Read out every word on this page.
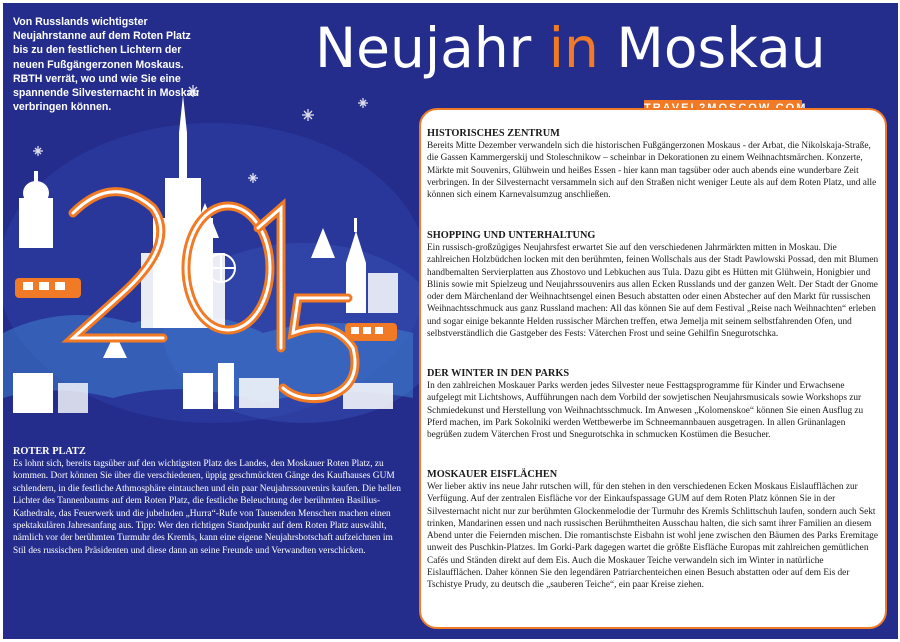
Neujahr in Moskau
Von Russlands wichtigster Neujahrstanne auf dem Roten Platz bis zu den festlichen Lichtern der neuen Fußgängerzonen Moskaus. RBTH verrät, wo und wie Sie eine spannende Silvesternacht in Moskau verbringen können.
ROTER PLATZ

Es lohnt sich, bereits tagsüber auf den wichtigsten Platz des Landes, den Moskauer Roten Platz, zu kommen. Dort können Sie über die verschiedenen, üppig geschmückten Gänge des Kaufhauses GUM schlendern, in die festliche Athmosphäre eintauchen und ein paar Neujahrssouvenirs kaufen. Die hellen Lichter des Tannenbaums auf dem Roten Platz, die festliche Beleuchtung der berühmten Basilius-Kathedrale, das Feuerwerk und die jubelnden „Hurra“-Rufe von Tausenden Menschen machen einen spektakulären Jahresanfang aus. Tipp: Wer den richtigen Standpunkt auf dem Roten Platz auswählt, nämlich vor der berühmten Turmuhr des Kremls, kann eine eigene Neujahrsbotschaft aufzeichnen im Stil des russischen Präsidenten und diese dann an seine Freunde und Verwandten verschicken.

HISTORISCHES ZENTRUM

Bereits Mitte Dezember verwandeln sich die historischen Fußgängerzonen Moskaus - der Arbat, die Nikolskaja-Straße, die Gassen Kammergerskij und Stoleschnikow – scheinbar in Dekorationen zu einem Weihnachtsmärchen. Konzerte, Märkte mit Souvenirs, Glühwein und heißes Essen - hier kann man tagsüber oder auch abends eine wunderbare Zeit verbringen. In der Silvesternacht versammeln sich auf den Straßen nicht weniger Leute als auf dem Roten Platz, und alle können sich einem Karnevalsumzug anschließen.

SHOPPING UND UNTERHALTUNG

Ein russisch-großzügiges Neujahrsfest erwartet Sie auf den verschiedenen Jahrmärkten mitten in Moskau. Die zahlreichen Holzbüdchen locken mit den berühmten, feinen Wollschals aus der Stadt Pawlowski Possad, den mit Blumen handbemalten Servierplatten aus Zhostovo und Lebkuchen aus Tula. Dazu gibt es Hütten mit Glühwein, Honigbier und Blinis sowie mit Spielzeug und Neujahrssouvenirs aus allen Ecken Russlands und der ganzen Welt. Der Stadt der Gnome oder dem Märchenland der Weihnachtsengel einen Besuch abstatten oder einen Abstecher auf den Markt für russischen Weihnachtsschmuck aus ganz Russland machen: All das können Sie auf dem Festival „Reise nach Weihnachten“ erleben und sogar einige bekannte Helden russischer Märchen treffen, etwa Jemelja mit seinem selbstfahrenden Ofen, und selbstverständlich die Gastgeber des Fests: Väterchen Frost und seine Gehilfin Snegurotschka.

DER WINTER IN DEN PARKS

In den zahlreichen Moskauer Parks werden jedes Silvester neue Festtagsprogramme für Kinder und Erwachsene aufgelegt mit Lichtshows, Aufführungen nach dem Vorbild der sowjetischen Neujahrsmusicals sowie Workshops zur Schmiedekunst und Herstellung von Weihnachtsschmuck. Im Anwesen „Kolomenskoe“ können Sie einen Ausflug zu Pferd machen, im Park Sokolniki werden Wettbewerbe im Schneemannbauen ausgetragen. In allen Grünanlagen begrüßen zudem Väterchen Frost und Snegurotschka in schmucken Kostümen die Besucher.

MOSKAUER EISFLÄCHEN

Wer lieber aktiv ins neue Jahr rutschen will, für den stehen in den verschiedenen Ecken Moskaus Eislaufflächen zur Verfügung. Auf der zentralen Eisfläche vor der Einkaufspassage GUM auf dem Roten Platz können Sie in der Silvesternacht nicht nur zur berühmten Glockenmelodie der Turmuhr des Kremls Schlittschuh laufen, sondern auch Sekt trinken, Mandarinen essen und nach russischen Berühmtheiten Ausschau halten, die sich samt ihrer Familien an diesem Abend unter die Feiernden mischen. Die romantischste Eisbahn ist wohl jene zwischen den Bäumen des Parks Eremitage unweit des Puschkin-Platzes. Im Gorki-Park dagegen wartet die größte Eisfläche Europas mit zahlreichen gemütlichen Cafés und Ständen direkt auf dem Eis. Auch die Moskauer Teiche verwandeln sich im Winter in natürliche Eislaufflächen. Daher können Sie den legendären Patriarchenteichen einen Besuch abstatten oder auf dem Eis der Tschistye Prudy, zu deutsch die „sauberen Teiche“, ein paar Kreise ziehen.
